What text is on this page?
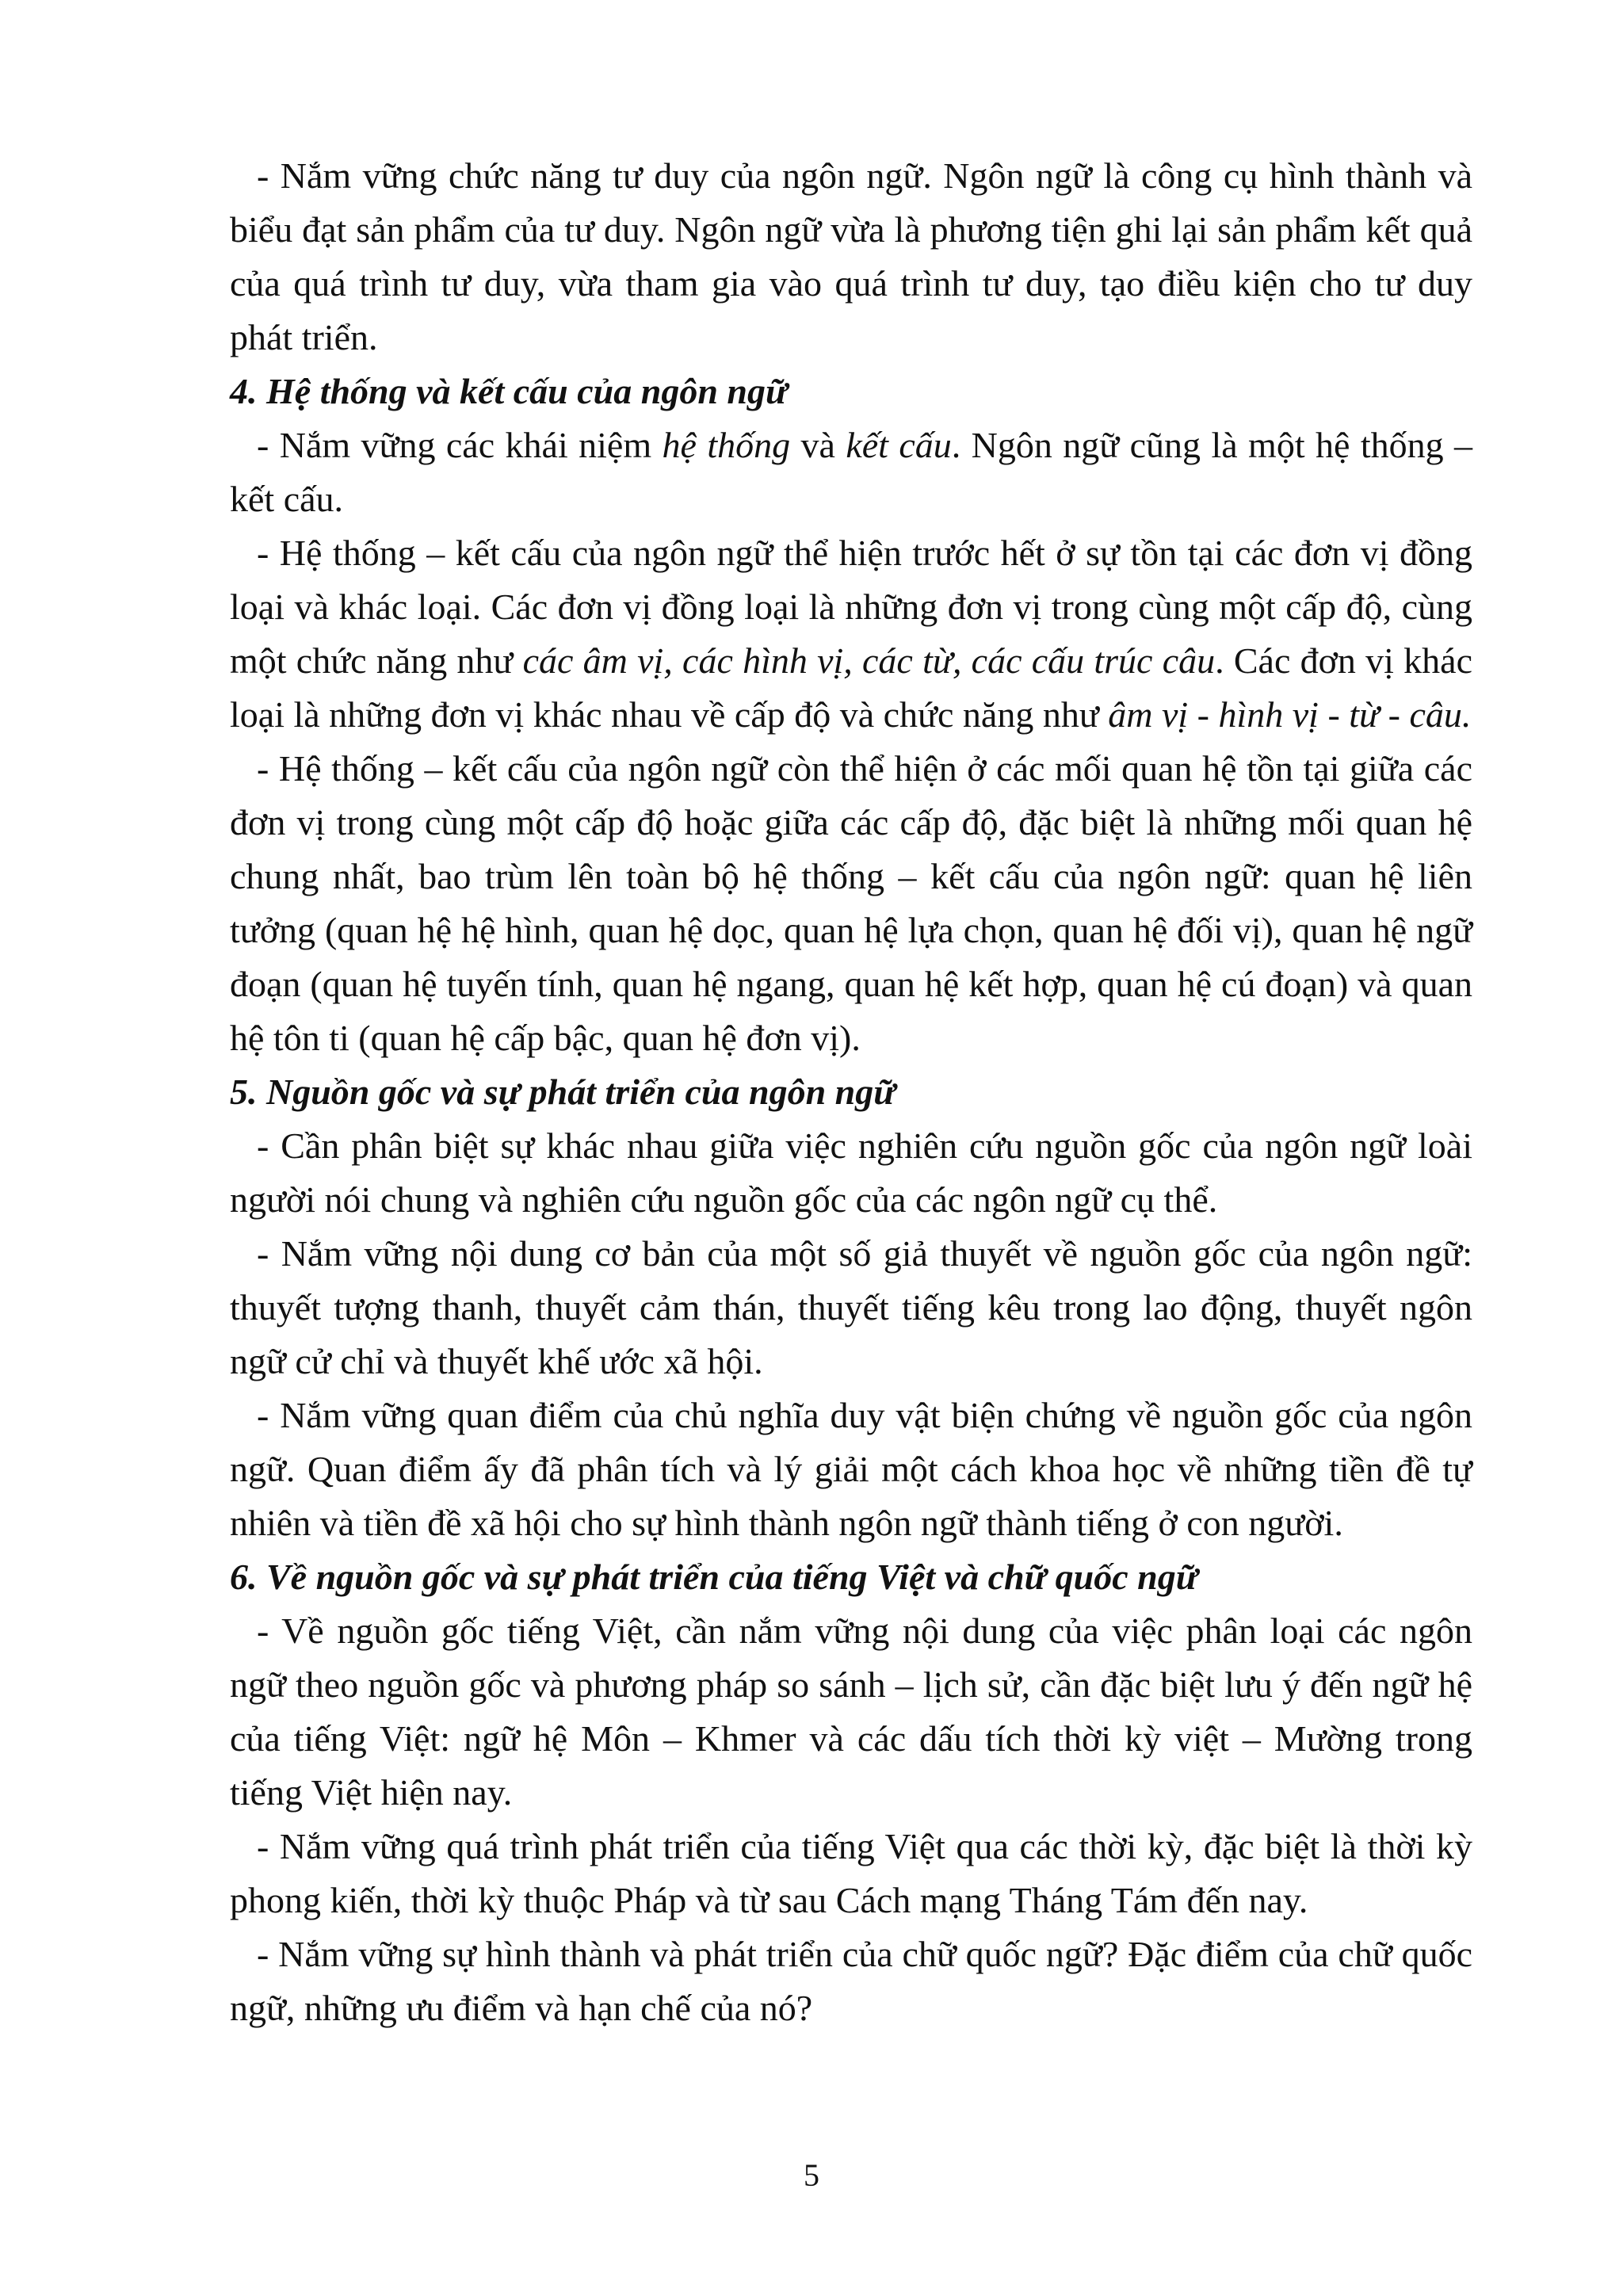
- Nắm vững chức năng tư duy của ngôn ngữ. Ngôn ngữ là công cụ hình thành và biểu đạt sản phẩm của tư duy. Ngôn ngữ vừa là phương tiện ghi lại sản phẩm kết quả của quá trình tư duy, vừa tham gia vào quá trình tư duy, tạo điều kiện cho tư duy phát triển.

4. Hệ thống và kết cấu của ngôn ngữ

- Nắm vững các khái niệm hệ thống và kết cấu. Ngôn ngữ cũng là một hệ thống – kết cấu.

- Hệ thống – kết cấu của ngôn ngữ thể hiện trước hết ở sự tồn tại các đơn vị đồng loại và khác loại. Các đơn vị đồng loại là những đơn vị trong cùng một cấp độ, cùng một chức năng như các âm vị, các hình vị, các từ, các cấu trúc câu. Các đơn vị khác loại là những đơn vị khác nhau về cấp độ và chức năng như âm vị - hình vị - từ - câu.

- Hệ thống – kết cấu của ngôn ngữ còn thể hiện ở các mối quan hệ tồn tại giữa các đơn vị trong cùng một cấp độ hoặc giữa các cấp độ, đặc biệt là những mối quan hệ chung nhất, bao trùm lên toàn bộ hệ thống – kết cấu của ngôn ngữ: quan hệ liên tưởng (quan hệ hệ hình, quan hệ dọc, quan hệ lựa chọn, quan hệ đối vị), quan hệ ngữ đoạn (quan hệ tuyến tính, quan hệ ngang, quan hệ kết hợp, quan hệ cú đoạn) và quan hệ tôn ti (quan hệ cấp bậc, quan hệ đơn vị).

5. Nguồn gốc và sự phát triển của ngôn ngữ

- Cần phân biệt sự khác nhau giữa việc nghiên cứu nguồn gốc của ngôn ngữ loài người nói chung và nghiên cứu nguồn gốc của các ngôn ngữ cụ thể.

- Nắm vững nội dung cơ bản của một số giả thuyết về nguồn gốc của ngôn ngữ: thuyết tượng thanh, thuyết cảm thán, thuyết tiếng kêu trong lao động, thuyết ngôn ngữ cử chỉ và thuyết khế ước xã hội.

- Nắm vững quan điểm của chủ nghĩa duy vật biện chứng về nguồn gốc của ngôn ngữ. Quan điểm ấy đã phân tích và lý giải một cách khoa học về những tiền đề tự nhiên và tiền đề xã hội cho sự hình thành ngôn ngữ thành tiếng ở con người.

6. Về nguồn gốc và sự phát triển của tiếng Việt và chữ quốc ngữ

- Về nguồn gốc tiếng Việt, cần nắm vững nội dung của việc phân loại các ngôn ngữ theo nguồn gốc và phương pháp so sánh – lịch sử, cần đặc biệt lưu ý đến ngữ hệ của tiếng Việt: ngữ hệ Môn – Khmer và các dấu tích thời kỳ việt – Mường trong tiếng Việt hiện nay.

- Nắm vững quá trình phát triển của tiếng Việt qua các thời kỳ, đặc biệt là thời kỳ phong kiến, thời kỳ thuộc Pháp và từ sau Cách mạng Tháng Tám đến nay.

- Nắm vững sự hình thành và phát triển của chữ quốc ngữ? Đặc điểm của chữ quốc ngữ, những ưu điểm và hạn chế của nó?

5
